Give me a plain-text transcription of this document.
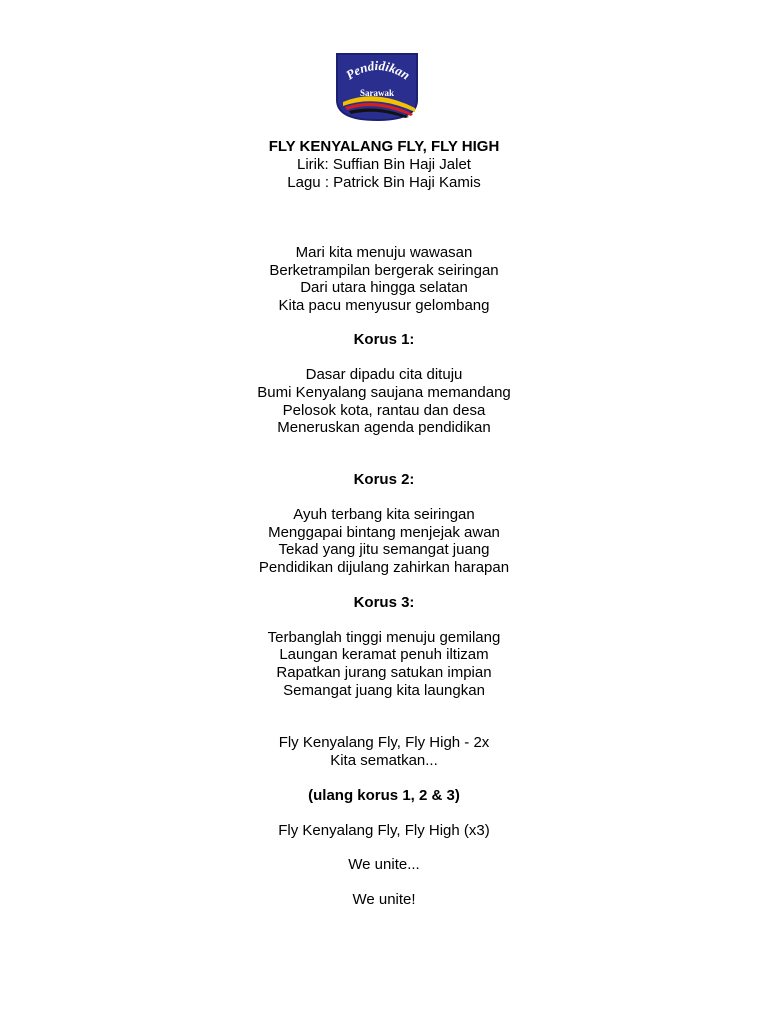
Pendidikan
Sarawak
FLY KENYALANG FLY, FLY HIGH
Lirik: Suffian Bin Haji Jalet
Lagu : Patrick Bin Haji Kamis
Mari kita menuju wawasan
Berketrampilan bergerak seiringan
Dari utara hingga selatan
Kita pacu menyusur gelombang
Korus 1:
Dasar dipadu cita dituju
Bumi Kenyalang saujana memandang
Pelosok kota, rantau dan desa
Meneruskan agenda pendidikan
Korus 2:
Ayuh terbang kita seiringan
Menggapai bintang menjejak awan
Tekad yang jitu semangat juang
Pendidikan dijulang zahirkan harapan
Korus 3:
Terbanglah tinggi menuju gemilang
Laungan keramat penuh iltizam
Rapatkan jurang satukan impian
Semangat juang kita laungkan
Fly Kenyalang Fly, Fly High - 2x
Kita sematkan...
(ulang korus 1, 2 & 3)
Fly Kenyalang Fly, Fly High (x3)
We unite...
We unite!
